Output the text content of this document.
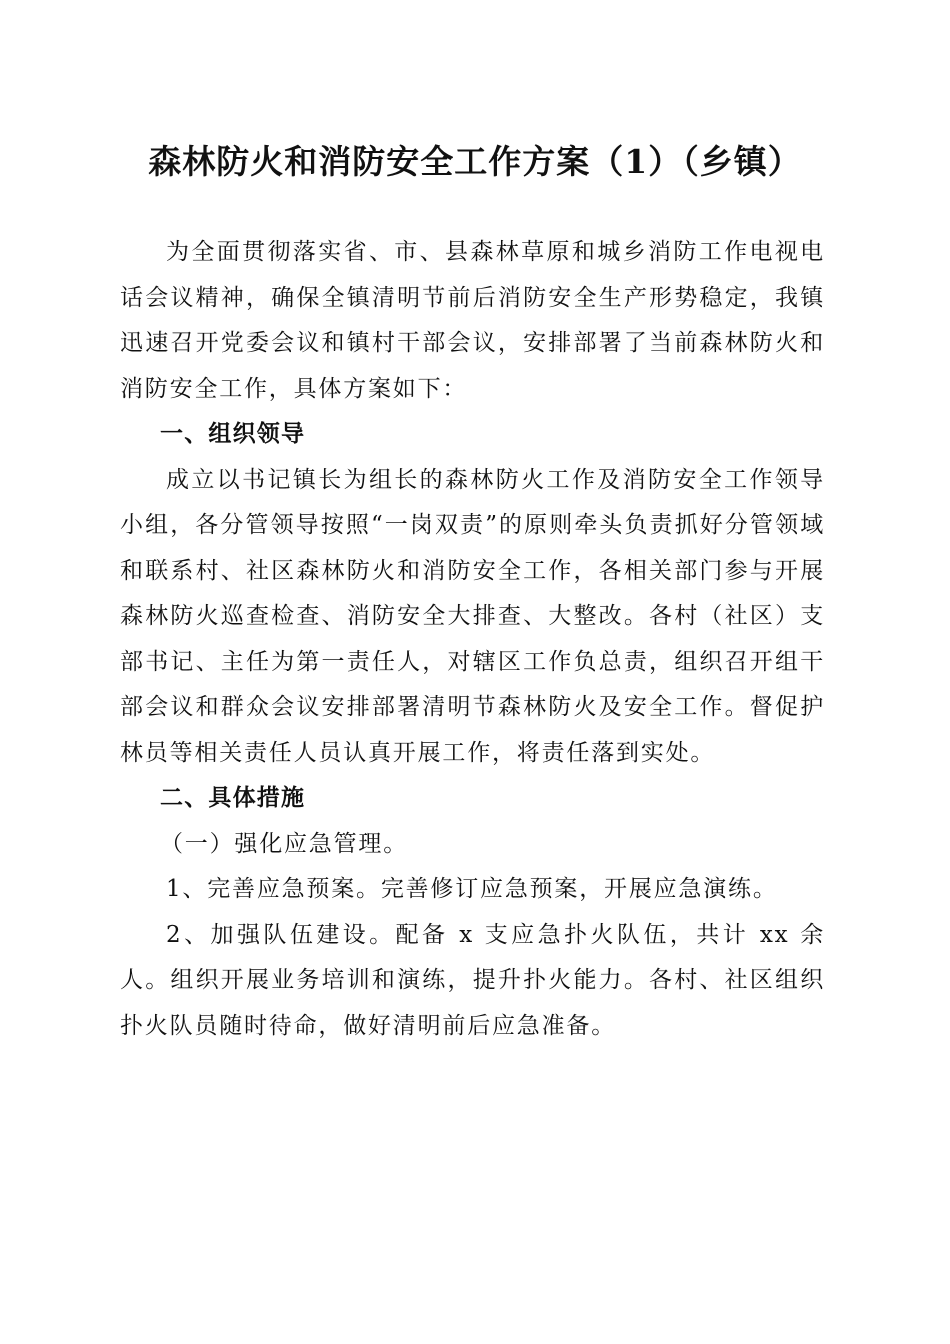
森林防火和消防安全工作方案（1）（乡镇）

为全面贯彻落实省、市、县森林草原和城乡消防工作电视电话会议精神，确保全镇清明节前后消防安全生产形势稳定，我镇迅速召开党委会议和镇村干部会议，安排部署了当前森林防火和消防安全工作，具体方案如下：

一、组织领导

成立以书记镇长为组长的森林防火工作及消防安全工作领导小组，各分管领导按照“一岗双责”的原则牵头负责抓好分管领域和联系村、社区森林防火和消防安全工作，各相关部门参与开展森林防火巡查检查、消防安全大排查、大整改。各村（社区）支部书记、主任为第一责任人，对辖区工作负总责，组织召开组干部会议和群众会议安排部署清明节森林防火及安全工作。督促护林员等相关责任人员认真开展工作，将责任落到实处。

二、具体措施

（一）强化应急管理。

1、完善应急预案。完善修订应急预案，开展应急演练。

2、加强队伍建设。配备 x 支应急扑火队伍，共计 xx 余人。组织开展业务培训和演练，提升扑火能力。各村、社区组织扑火队员随时待命，做好清明前后应急准备。
